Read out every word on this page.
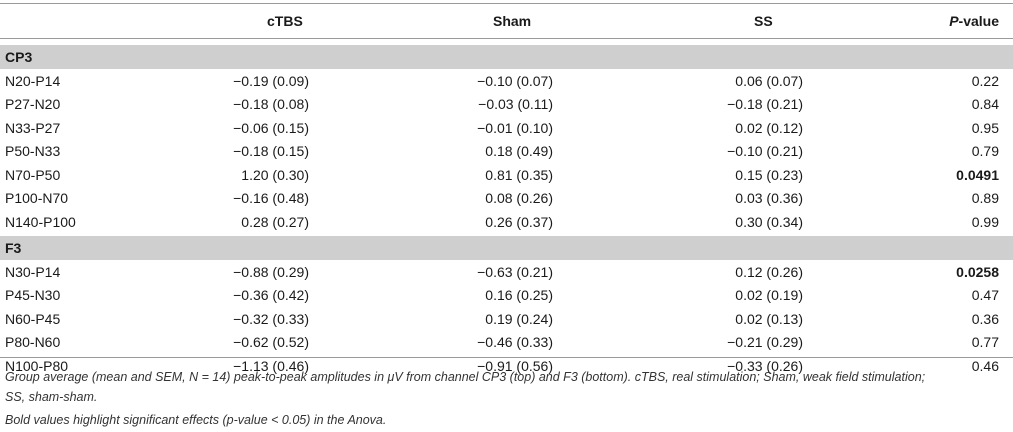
cTBS	Sham	SS	P-value
CP3
N20-P14	−0.19 (0.09)	−0.10 (0.07)	0.06 (0.07)	0.22
P27-N20	−0.18 (0.08)	−0.03 (0.11)	−0.18 (0.21)	0.84
N33-P27	−0.06 (0.15)	−0.01 (0.10)	0.02 (0.12)	0.95
P50-N33	−0.18 (0.15)	0.18 (0.49)	−0.10 (0.21)	0.79
N70-P50	1.20 (0.30)	0.81 (0.35)	0.15 (0.23)	0.0491
P100-N70	−0.16 (0.48)	0.08 (0.26)	0.03 (0.36)	0.89
N140-P100	0.28 (0.27)	0.26 (0.37)	0.30 (0.34)	0.99
F3
N30-P14	−0.88 (0.29)	−0.63 (0.21)	0.12 (0.26)	0.0258
P45-N30	−0.36 (0.42)	0.16 (0.25)	0.02 (0.19)	0.47
N60-P45	−0.32 (0.33)	0.19 (0.24)	0.02 (0.13)	0.36
P80-N60	−0.62 (0.52)	−0.46 (0.33)	−0.21 (0.29)	0.77
N100-P80	−1.13 (0.46)	−0.91 (0.56)	−0.33 (0.26)	0.46
Group average (mean and SEM, N = 14) peak-to-peak amplitudes in μV from channel CP3 (top) and F3 (bottom). cTBS, real stimulation; Sham, weak field stimulation;
SS, sham-sham.
Bold values highlight significant effects (p-value < 0.05) in the Anova.
